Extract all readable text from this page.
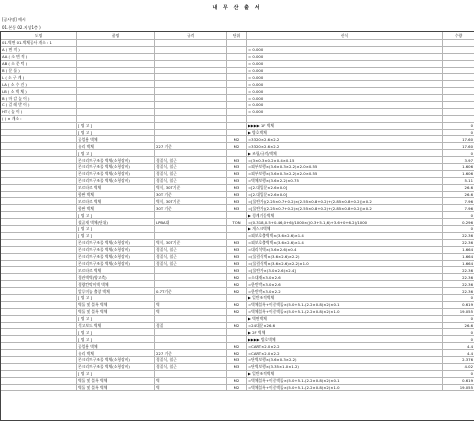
내 무 산 출 서
[공사명] 예시
01.본동 02.지상1층 )
도명	품명	규격	단위	산식	수량
01.벽면 01.벽체공사 개소 : 1					
A ( 면 적 )				= 0.000	
AA ( 소 면 적 )				= 0.000	
AB ( 소 문 턱 )				= 0.000	
B ( 문 틀 )				= 0.000	
L ( 소 구 계 )				= 0.000	
LA ( 소 수 건 )				= 0.000	
LB ( 소 벽 체 )				= 0.000	
B ( 마 감 높 이 )				= 0.000	
C ( 걸 레 받 이 )				= 0.000	
HT ( 높 이 )				= 0.000	
( ) × 개소 :					
	[ 명 고 ]			▶▶▶▶ 1F 벽체	0
	[ 명 고 ]			▶ 방호벽체	0
	공업용 벽체		M2	=3320×2.6×2.2	17.60
	유리 벽체	227 기준	M2	=3320×2.6×2.2	17.60
	[ 명 고 ]			▶ 조립/규격/벽체	0
	콘크리트구조물 벽체(소형장비)	경질식, 철근	M3	=(3×0.3×0.2×0.4×0.15	3.97
	콘크리트구조물 벽체(소형장비)	경질식, 철근	M3	=외부보행×(3.6×0.3×2.2)×2.0×0.55	1.606
	콘크리트구조물 벽체(소형장비)	경질식, 철근	M3	=외부보행×(3.6×0.3×2.2)×2.0×0.55	1.606
	콘크리트구조물 벽체(소형장비)	경질식, 철근	M3	=벽체보행×(3.6×2.2)×0.75	5.11
	모르타르 벽체	벽식, 30T기준	M3	=[2.대입문×2.6×0.0]	26.6
	합판 벽체	30T 기준	M3	=[2.대입문×2.6×0.0]	26.6
	모르타르 벽체	벽식, 30T기준	M3	=[물탄가((2.25×0.7+0.2)×(2.55×0.8+0.2)+(2.85×0.8+0.2))×0.2	7.96
	합판 벽체	30T 기준	M3	=[물탄가((2.25×0.7+0.2)×(2.55×0.8+0.2)+(2.85×0.8+0.2))×0.2	7.96
	[ 명 고 ]			▶ 경계기둥벽체	0
	철골재 벽체(단위)	LPBA대	TON	=(0.318,0.5+0.46,0+6)/1000×((0.3+5.1,6)+3.6+0+6.2)/1000	0.296
	[ 명 고 ]			▶ 개스크벽체	0
	[ 명 고 ]			=외보호출벽벽×(3.6×2.6)×1.4	22.36
	콘크리트구조물 벽체(소형장비)	벽식, 30T기준	M3	=외보호출벽벽×(3.6×2.6)×1.4	22.36
	콘크리트구조물 벽체(소형장비)	경질식, 철근	M3	=대리석벽×(3.6×2.6)×0.4	1.664
	콘크리트구조물 벽체(소형장비)	경질식, 철근	M3	=(물림식벽×(3.6×2.6)×2.2)	1.664
	콘크리트구조물 벽체(소형장비)	경질식, 철근	M3	=(물림식벽×(3.6×2.6)×2.2)×1.0	1.664
	모르타르 벽체		M3	=[물탄가×(3.0×2.6)×2.4]	22.36
	경관벽벽(양고측)		M2	=소대재×3.0×2.6	22.36
	경량칸막이벽 벽체		M2	=한반박×3.0×2.6	22.36
	알루미늄 출창 벽체	0.7T기준	M2	=한반박×3.0×2.2	22.36
	[ 명 고 ]			▶ 일반조적벽체	0
	벽돌 및 블록 벽체	벽	M2	=벽체블록+이중벽돌×(5.0+5.1-(2.2×0.8)×2)×0.1	0.619
	벽돌 및 블록 벽체	벽	M2	=벽체블록+이중벽돌×(5.0+5.1-(2.2×0.8)×2)×1.0	19.055
	[ 명 고 ]			▶ 벽면벽체	0
	석고보드 벽체	경질	M2	=24대문×26.6	26.6
	[ 명 고 ]			▶ 2F 벽체	0
	[ 명 고 ]			▶▶▶▶ 방호벽체	0
	공업용 벽체		M2	=CART×2.0×2.2	4.4
	유리 벽체	227 기준	M2	=CART×2.0×2.2	4.4
	콘크리트구조물 벽체(소형장비)	경질식, 철근	M3	=단벽보행×(3.6×0.3×2.2)	2.376
	콘크리트구조물 벽체(소형장비)	경질식, 철근	M3	=단벽보행×(3.35×1.0×1.2)	4.02
	[ 명 고 ]			▶ 일반조적벽체	0
	벽돌 및 블록 벽체	벽	M2	=벽체블록+이중벽돌×(5.0+5.1-(2.2×0.8)×2)×0.1	0.619
	벽돌 및 블록 벽체	벽	M2	=벽체블록+이중벽돌×(5.0+5.1-(2.2×0.8)×2)×1.0	19.055
